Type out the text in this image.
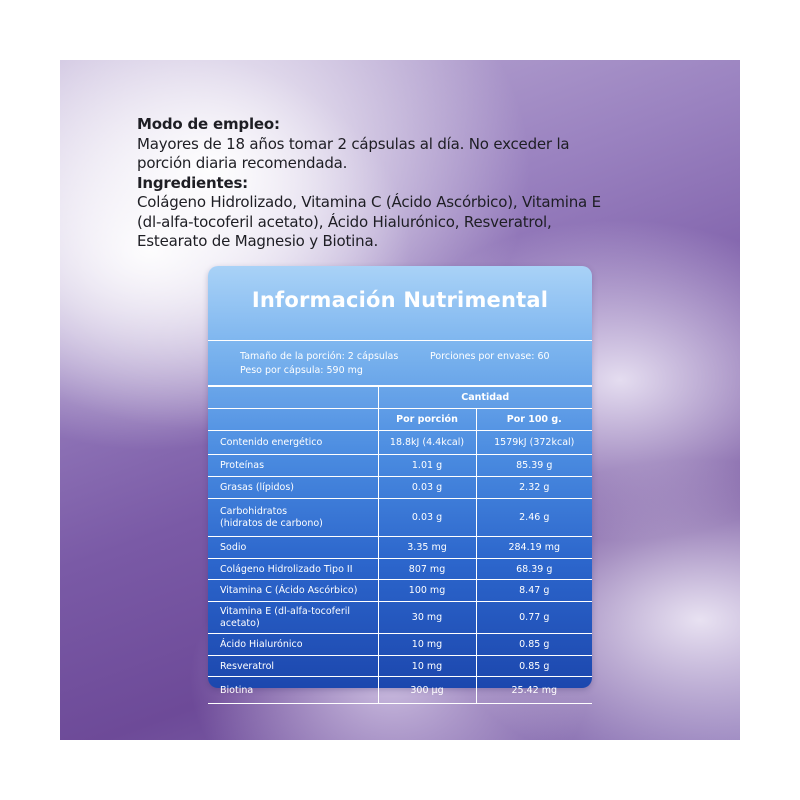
Modo de empleo:
Mayores de 18 años tomar 2 cápsulas al día. No exceder la
porción diaria recomendada.
Ingredientes:
Colágeno Hidrolizado, Vitamina C (Ácido Ascórbico), Vitamina E
(dl-alfa-tocoferil acetato), Ácido Hialurónico, Resveratrol,
Estearato de Magnesio y Biotina.
Información Nutrimental
Tamaño de la porción: 2 cápsulas	Porciones por envase: 60
Peso por cápsula: 590 mg
	Cantidad	
	Por porción	Por 100 g.
Contenido energético	18.8kJ (4.4kcal)	1579kJ (372kcal)
Proteínas	1.01 g	85.39 g
Grasas (lípidos)	0.03 g	2.32 g

Carbohidratos
(hidratos de carbono)	0.03 g	2.46 g
Sodio	3.35 mg	284.19 mg
Colágeno Hidrolizado Tipo II	807 mg	68.39 g
Vitamina C (Ácido Ascórbico)	100 mg	8.47 g

Vitamina E (dl-alfa-tocoferil
acetato)	30 mg	0.77 g
Ácido Hialurónico	10 mg	0.85 g
Resveratrol	10 mg	0.85 g
Biotina	300 µg	25.42 mg
